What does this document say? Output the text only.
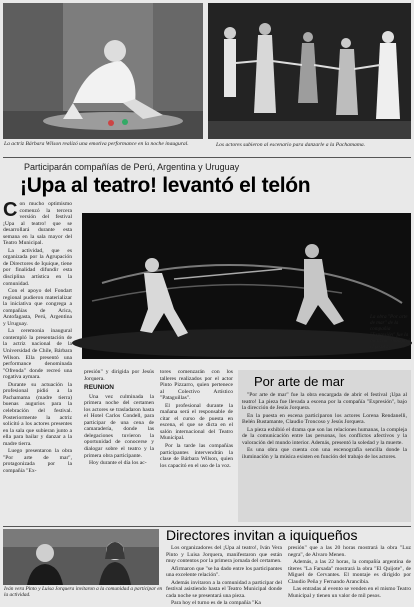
La actriz Bárbara Wilson realizó una emotiva performance en la noche inaugural.	Los actores subieron al escenario para danzarle a la Pachamama.
Participarán compañías de Perú, Argentina y Uruguay
¡Upa al teatro! levantó el telón
C on mucho optimismo comenzó la tercera versión del festival ¡Upa al teatro! que se desarrollará durante esta semana en la sala mayor del Teatro Municipal.

La actividad, que es organizada por la Agrupación de Directores de Iquique, tiene por finalidad difundir esta disciplina artística en la comunidad.

Con el apoyo del Fondart regional pudieron materializar la iniciativa que congrega a compañías de Arica, Antofagasta, Perú, Argentina y Uruguay.

La ceremonia inaugural contempló la presentación de la actriz nacional de la Universidad de Chile, Bárbara Wilson. Ella presentó una performance denominada "Ofrenda" donde recreó una rogativa aymara.

Durante su actuación la profesional pidió a la Pachamama (madre tierra) buenas augurios para la celebración del festival. Posteriormente la actriz solicitó a los actores presentes en la sala que subieran junto a ella para bailar y danzar a la madre tierra.

Luego presentaron la obra "Por arte de mar", protagonizada por la compañía "Ex-

presión" y dirigida por Jesús Jorquera.

REUNION

Una vez culminada la primera noche del certamen los actores se trasladaron hasta el Hotel Carlos Condell, para participar de una cena de camaradería, donde las delegaciones tuvieron la oportunidad de conocerse y dialogar sobre el teatro y la primera obra participante.

Hoy durante el día los ac-

tores comenzarán con los talleres realizados por el actor Pinto Pizzarro, quien pertenece al Colectivo Artístico "Pataguillas".

El profesional durante la mañana será el responsable de citar el curso de puesta en escena, el que se dicta en el salón internacional del Teatro Municipal.

Por la tarde las compañías participantes intervendrán la clase de Bárbara Wilson, quien los capacitó en el uso de la voz.

La obra "Por arte de mar" de la compañía "Expresión" fue la pieza que inauguró el festival.
Por arte de mar

"Por arte de mar" fue la obra encargada de abrir el festival ¡Upa al teatro! La pieza fue llevada a escena por la compañía "Expresión", bajo la dirección de Jesús Jorquera.

En la puesta en escena participaron los actores Lorena Rendanelli, Belén Bustamante, Claudio Troncoso y Jesús Jorquera.

La pieza exhibió el drama que son las relaciones humanas, la compleja de la comunicación entre las personas, los conflictos afectivos y la valoración del mundo interior. Además, presentó la soledad y la muerte.

Es una obra que cuenta con una escenografía sencilla donde la iluminación y la música existen en función del trabajo de los actores.

Directores invitan a iquiqueños
Iván vera Pinto y Luisa Jorquera invitaron a la comunidad a participar en la actividad.

Los organizadores del ¡Upa al teatro!, Iván Vera Pinto y Luisa Jorquera, manifestaron que están muy contentos por la primera jornada del certamen.

Afirmaron que "se ha dado entre los participantes una excelente relación".

Además invitaron a la comunidad a participar del festival asistiendo hasta el Teatro Municipal donde cada noche se presentará una pieza.

Para hoy el turno es de la compañía "Ka

presión" que a las 20 horas mostrará la obra "Luz negra", de Alvaro Menen.

Además, a las 22 horas, la compañía argentina de títeres "La Farsada" mostrará la obra "El Quijote", de Miguel de Cervantes. El montaje es dirigido por Claudio Peña y Fernando Arancibia.

Las entradas al evento se venden en el mismo Teatro Municipal y tienen un valor de mil pesos.
